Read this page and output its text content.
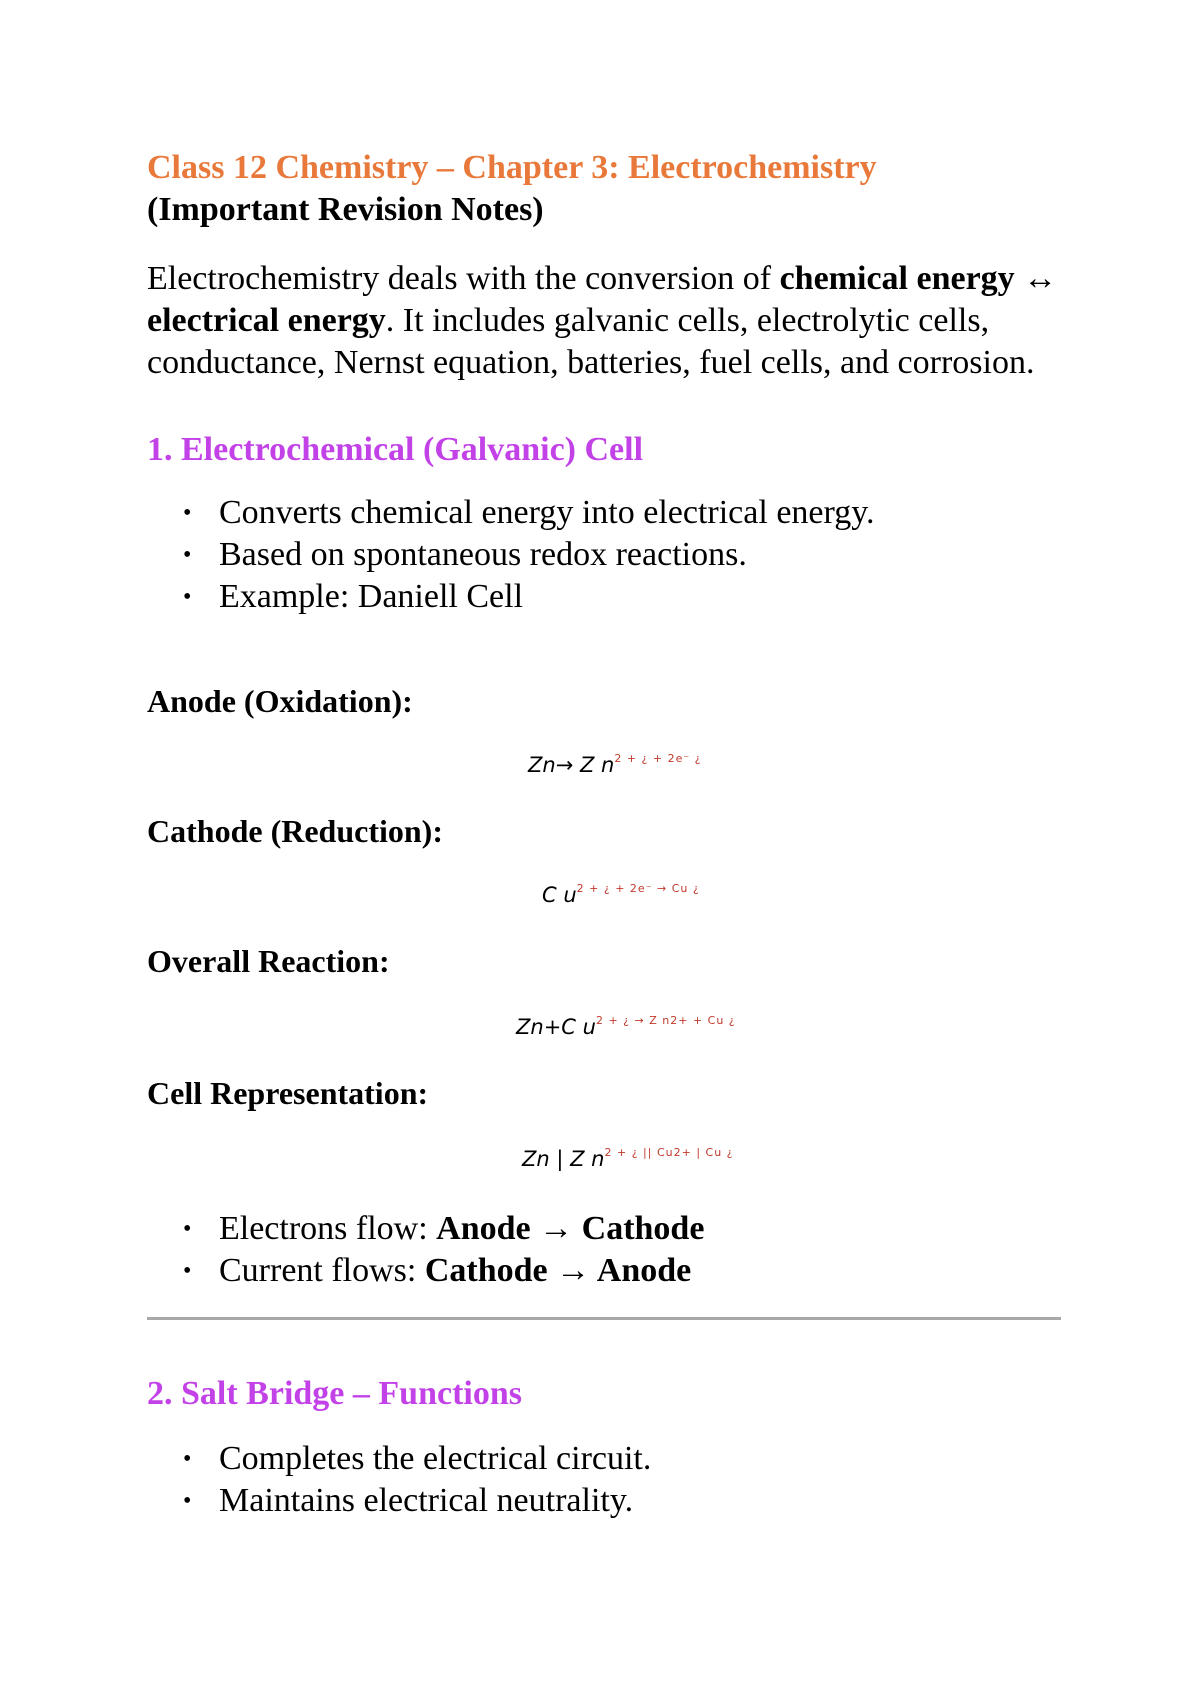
Class 12 Chemistry – Chapter 3: Electrochemistry
(Important Revision Notes)

Electrochemistry deals with the conversion of chemical energy ↔ electrical energy. It includes galvanic cells, electrolytic cells, conductance, Nernst equation, batteries, fuel cells, and corrosion.

1. Electrochemical (Galvanic) Cell
• Converts chemical energy into electrical energy.
• Based on spontaneous redox reactions.
• Example: Daniell Cell
Anode (Oxidation):
Zn→ Z $n^{2 + ¿ + 2e^- ¿}$
Cathode (Reduction):
C $u^{2 + ¿ + 2e^- \to Cu ¿}$
Overall Reaction:
Zn+C $u^{2 + ¿ \to Z n2+ + Cu ¿}$
Cell Representation:
Zn | Z $n^{2 + ¿ || Cu2+ | Cu ¿}$
• Electrons flow: Anode → Cathode
• Current flows: Cathode → Anode
2. Salt Bridge – Functions
• Completes the electrical circuit.
• Maintains electrical neutrality.
